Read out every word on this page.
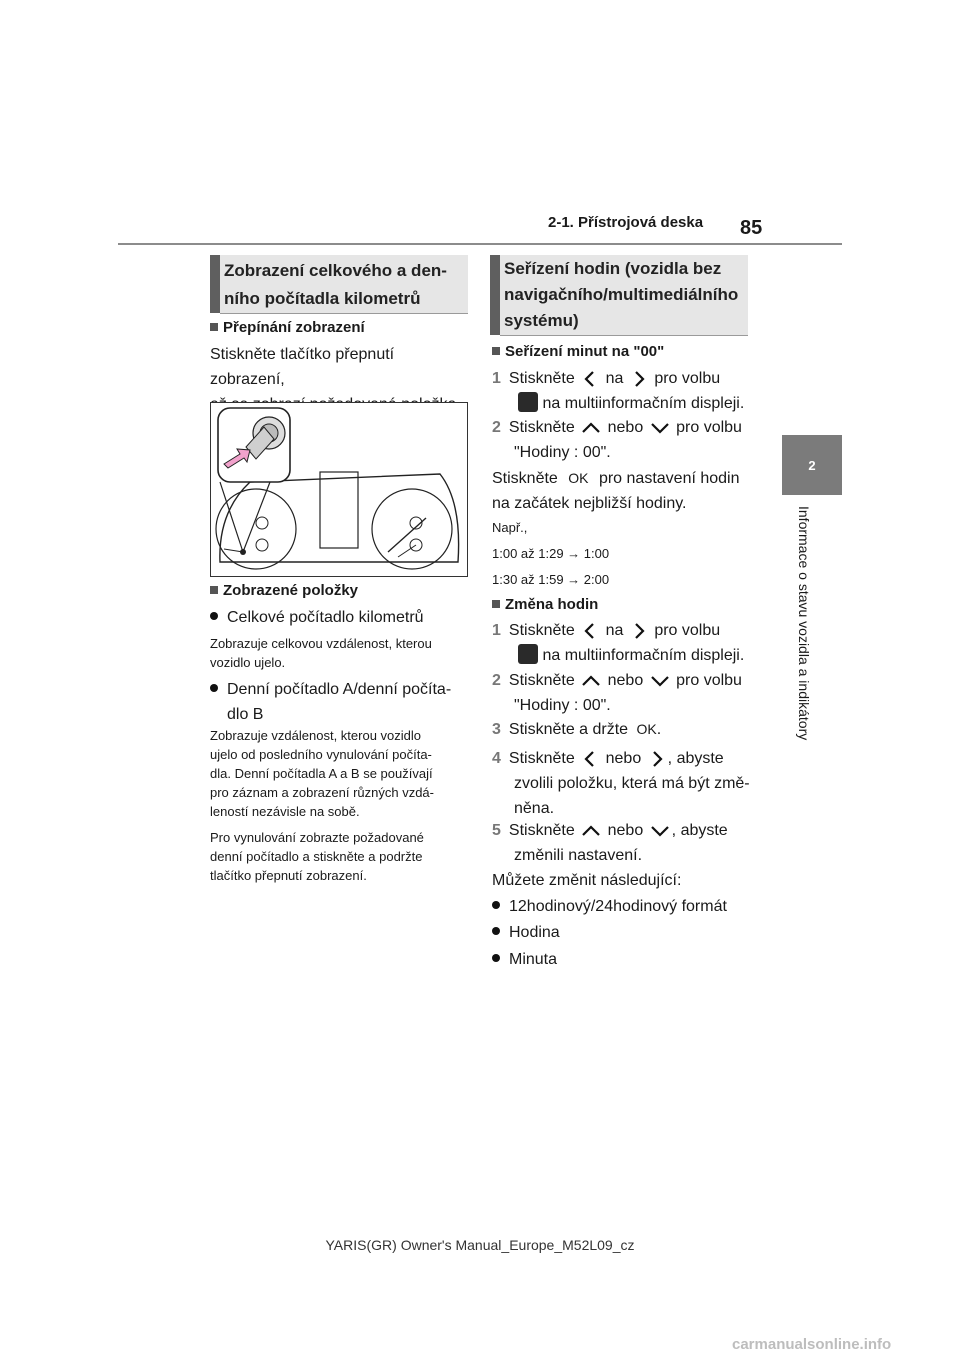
2-1. Přístrojová deska 85
2
Informace o stavu vozidla a indikátory
Zobrazení celkového a den-
ního počítadla kilometrů
Přepínání zobrazení
Stiskněte tlačítko přepnutí zobrazení,
Zobrazené položky
Celkové počítadlo kilometrů
Zobrazuje celkovou vzdálenost, kterou
vozidlo ujelo.
Denní počítadlo A/denní počíta-
dlo B
Zobrazuje vzdálenost, kterou vozidlo
ujelo od posledního vynulování počíta-
dla. Denní počítadla A a B se používají
pro záznam a zobrazení různých vzdá-
leností nezávisle na sobě.
Pro vynulování zobrazte požadované
denní počítadlo a stiskněte a podržte
tlačítko přepnutí zobrazení.
Seřízení hodin (vozidla bez
navigačního/multimediálního
systému)
Seřízení minut na "00"
1 Stiskněte na pro volbu
na multiinformačním displeji.
2 Stiskněte nebo pro volbu
"Hodiny : 00".
Stiskněte OK pro nastavení hodin
na začátek nejbližší hodiny.
Např.,
1:00 až 1:29 → 1:00
1:30 až 1:59 → 2:00
Změna hodin
1 Stiskněte na pro volbu
na multiinformačním displeji.
2 Stiskněte nebo pro volbu
"Hodiny : 00".
3 Stiskněte a držte OK.
4 Stiskněte nebo , abyste
zvolili položku, která má být změ-
něna.
5 Stiskněte nebo , abyste
změnili nastavení.
Můžete změnit následující:
12hodinový/24hodinový formát
Hodina
Minuta
YARIS(GR) Owner's Manual_Europe_M52L09_cz
carmanualsonline.info
